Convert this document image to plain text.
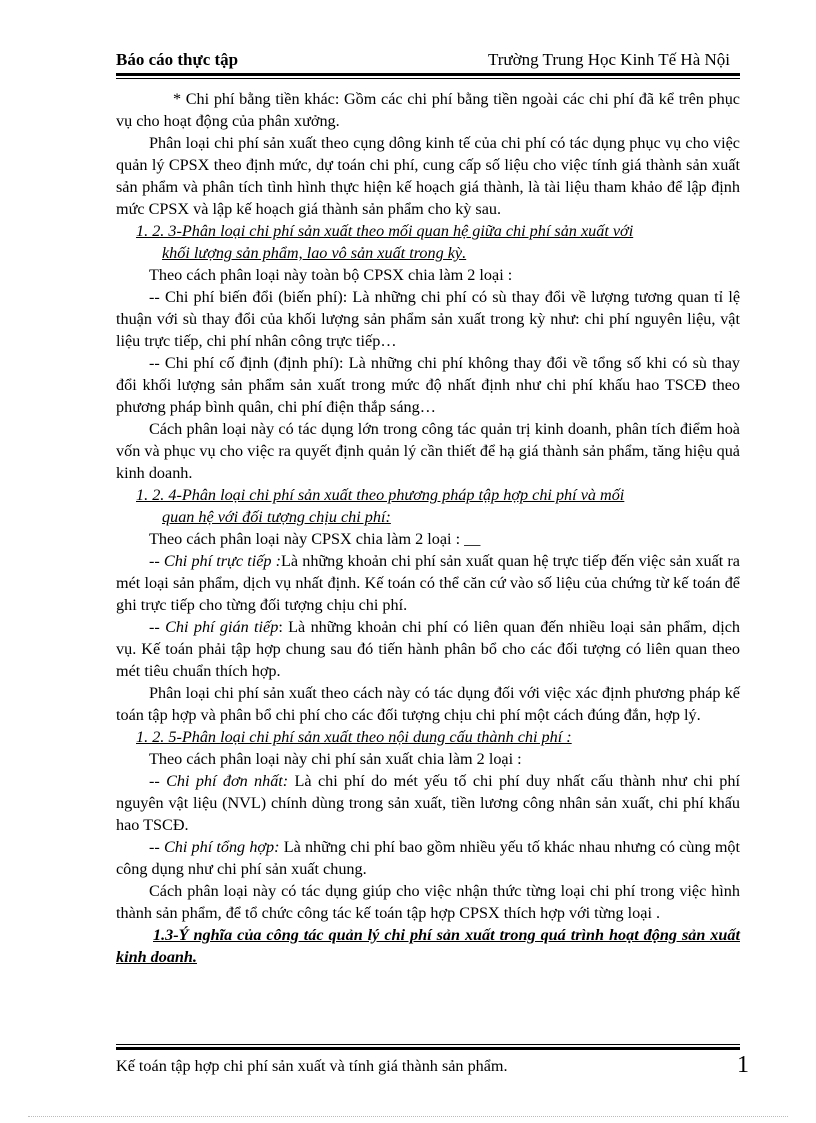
Báo cáo thực tập	Trường Trung Học Kinh Tế Hà Nội

* Chi phí bằng tiền khác: Gồm các chi phí bằng tiền ngoài các chi phí đã kể trên phục vụ cho hoạt động của phân xưởng.

Phân loại chi phí sản xuất theo cụng dông kinh tế của chi phí có tác dụng phục vụ cho việc quản lý CPSX theo định mức, dự toán chi phí, cung cấp số liệu cho việc tính giá thành sản xuất sản phẩm và phân tích tình hình thực hiện kế hoạch giá thành, là tài liệu tham khảo để lập định mức CPSX và lập kế hoạch giá thành sản phẩm cho kỳ sau.

1. 2. 3-Phân loại chi phí sản xuất theo mối quan hệ giữa chi phí sản xuất với
khối lượng sản phẩm, lao vô sản xuất trong kỳ.

Theo cách phân loại này toàn bộ CPSX chia làm 2 loại :

-- Chi phí biến đổi (biến phí): Là những chi phí có sù thay đổi về lượng tương quan tỉ lệ thuận với sù thay đổi của khối lượng sản phẩm sản xuất trong kỳ như: chi phí nguyên liệu, vật liệu trực tiếp, chi phí nhân công trực tiếp…

-- Chi phí cố định (định phí): Là những chi phí không thay đổi về tổng số khi có sù thay đổi khối lượng sản phẩm sản xuất trong mức độ nhất định như chi phí khấu hao TSCĐ theo phương pháp bình quân, chi phí điện thắp sáng…

Cách phân loại này có tác dụng lớn trong công tác quản trị kinh doanh, phân tích điểm hoà vốn và phục vụ cho việc ra quyết định quản lý cần thiết để hạ giá thành sản phẩm, tăng hiệu quả kinh doanh.

1. 2. 4-Phân loại chi phí sản xuất theo phương pháp tập hợp chi phí và mối
quan hệ với đối tượng chịu chi phí:

Theo cách phân loại này CPSX chia làm 2 loại : __

-- Chi phí trực tiếp :Là những khoản chi phí sản xuất quan hệ trực tiếp đến việc sản xuất ra mét loại sản phẩm, dịch vụ nhất định. Kế toán có thể căn cứ vào số liệu của chứng từ kế toán để ghi trực tiếp cho từng đối tượng chịu chi phí.

-- Chi phí gián tiếp: Là những khoản chi phí có liên quan đến nhiều loại sản phẩm, dịch vụ. Kế toán phải tập hợp chung sau đó tiến hành phân bổ cho các đối tượng có liên quan theo mét tiêu chuẩn thích hợp.

Phân loại chi phí sản xuất theo cách này có tác dụng đối với việc xác định phương pháp kế toán tập hợp và phân bổ chi phí cho các đối tượng chịu chi phí một cách đúng đắn, hợp lý.

1. 2. 5-Phân loại chi phí sản xuất theo nội dung cấu thành chi phí :

Theo cách phân loại này chi phí sản xuất chia làm 2 loại :

-- Chi phí đơn nhất: Là chi phí do mét yếu tố chi phí duy nhất cấu thành như chi phí nguyên vật liệu (NVL) chính dùng trong sản xuất, tiền lương công nhân sản xuất, chi phí khấu hao TSCĐ.

-- Chi phí tổng hợp: Là những chi phí bao gồm nhiều yếu tố khác nhau nhưng có cùng một công dụng như chi phí sản xuất chung.

Cách phân loại này có tác dụng giúp cho việc nhận thức từng loại chi phí trong việc hình thành sản phẩm, để tổ chức công tác kế toán tập hợp CPSX thích hợp với từng loại .

1.3-Ý nghĩa của công tác quản lý chi phí sản xuất trong quá trình hoạt động sản xuất kinh doanh.

Kế toán tập hợp chi phí sản xuất và tính giá thành sản phẩm.	1
